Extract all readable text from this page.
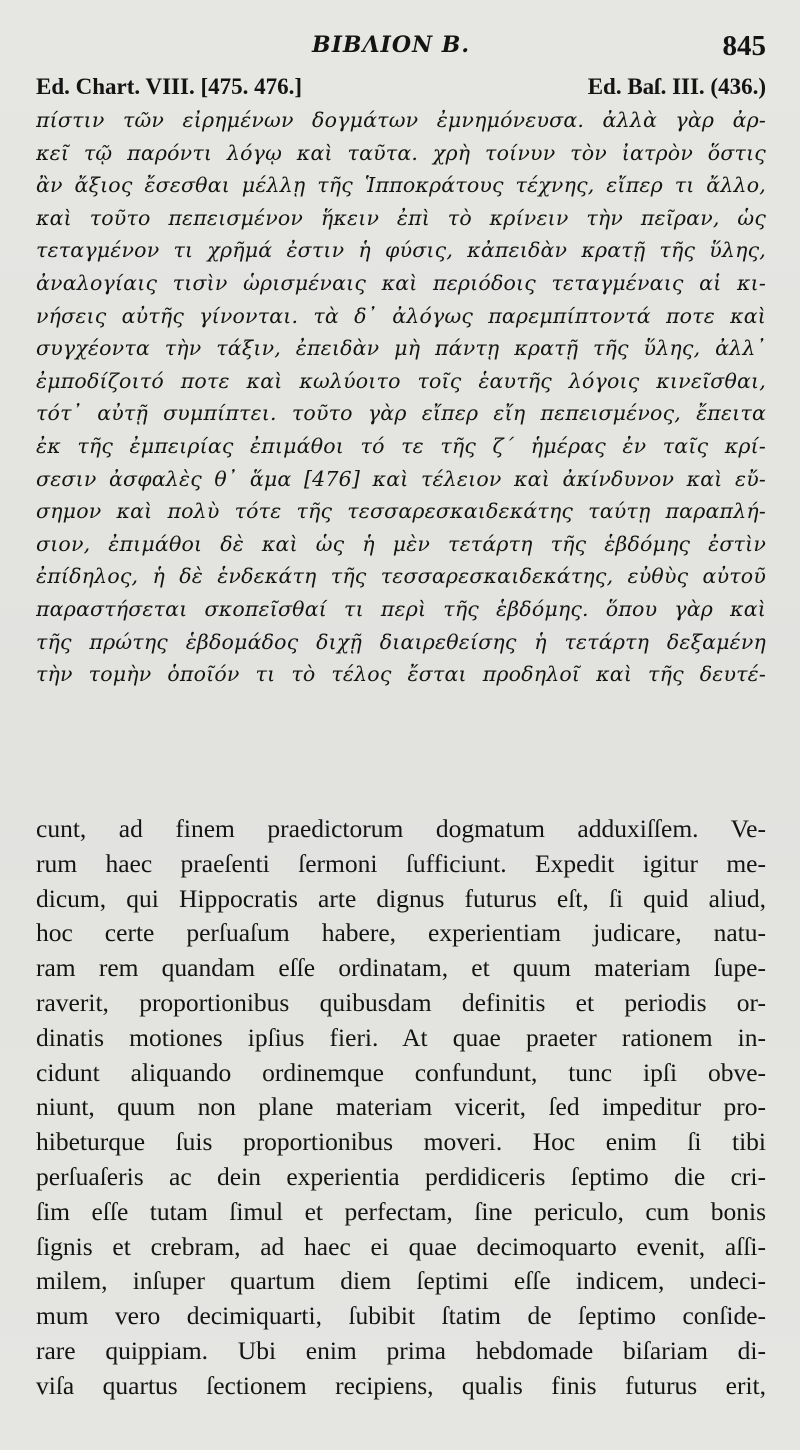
BIBΛΙΟΝ B.	845
Ed. Chart. VIII. [475. 476.]	Ed. Baſ. III. (436.)
πίστιν τῶν εἰρημένων δογμάτων ἐμνημόνευσα. ἀλλὰ γὰρ ἀρ-
κεῖ τῷ παρόντι λόγῳ καὶ ταῦτα. χρὴ τοίνυν τὸν ἰατρὸν ὅστις
ἂν ἄξιος ἔσεσθαι μέλλῃ τῆς Ἱπποκράτους τέχνης, εἴπερ τι ἄλλο,
καὶ τοῦτο πεπεισμένον ἥκειν ἐπὶ τὸ κρίνειν τὴν πεῖραν, ὡς
τεταγμένον τι χρῆμά ἐστιν ἡ φύσις, κἀπειδὰν κρατῇ τῆς ὕλης,
ἀναλογίαις τισὶν ὡρισμέναις καὶ περιόδοις τεταγμέναις αἱ κι-
νήσεις αὐτῆς γίνονται. τὰ δ᾽ ἀλόγως παρεμπίπτοντά ποτε καὶ
συγχέοντα τὴν τάξιν, ἐπειδὰν μὴ πάντῃ κρατῇ τῆς ὕλης, ἀλλ᾽
ἐμποδίζοιτό ποτε καὶ κωλύοιτο τοῖς ἑαυτῆς λόγοις κινεῖσθαι,
τότ᾽ αὐτῇ συμπίπτει. τοῦτο γὰρ εἴπερ εἴη πεπεισμένος, ἔπειτα
ἐκ τῆς ἐμπειρίας ἐπιμάθοι τό τε τῆς ζ΄ ἡμέρας ἐν ταῖς κρί-
σεσιν ἀσφαλὲς θ᾽ ἅμα [476] καὶ τέλειον καὶ ἀκίνδυνον καὶ εὔ-
σημον καὶ πολὺ τότε τῆς τεσσαρεσκαιδεκάτης ταύτῃ παραπλή-
σιον, ἐπιμάθοι δὲ καὶ ὡς ἡ μὲν τετάρτη τῆς ἑβδόμης ἐστὶν
ἐπίδηλος, ἡ δὲ ἑνδεκάτη τῆς τεσσαρεσκαιδεκάτης, εὐθὺς αὐτοῦ
παραστήσεται σκοπεῖσθαί τι περὶ τῆς ἑβδόμης. ὅπου γὰρ καὶ
τῆς πρώτης ἑβδομάδος διχῇ διαιρεθείσης ἡ τετάρτη δεξαμένη
τὴν τομὴν ὁποῖόν τι τὸ τέλος ἔσται προδηλοῖ καὶ τῆς δευτέ-
cunt, ad finem praedictorum dogmatum adduxiſſem. Ve-
rum haec praeſenti ſermoni ſufficiunt. Expedit igitur me-
dicum, qui Hippocratis arte dignus futurus eſt, ſi quid aliud,
hoc certe perſuaſum habere, experientiam judicare, natu-
ram rem quandam eſſe ordinatam, et quum materiam ſupe-
raverit, proportionibus quibusdam definitis et periodis or-
dinatis motiones ipſius fieri. At quae praeter rationem in-
cidunt aliquando ordinemque confundunt, tunc ipſi obve-
niunt, quum non plane materiam vicerit, ſed impeditur pro-
hibeturque ſuis proportionibus moveri. Hoc enim ſi tibi
perſuaſeris ac dein experientia perdidiceris ſeptimo die cri-
ſim eſſe tutam ſimul et perfectam, ſine periculo, cum bonis
ſignis et crebram, ad haec ei quae decimoquarto evenit, aſſi-
milem, inſuper quartum diem ſeptimi eſſe indicem, undeci-
mum vero decimiquarti, ſubibit ſtatim de ſeptimo conſide-
rare quippiam. Ubi enim prima hebdomade biſariam di-
viſa quartus ſectionem recipiens, qualis finis futurus erit,
